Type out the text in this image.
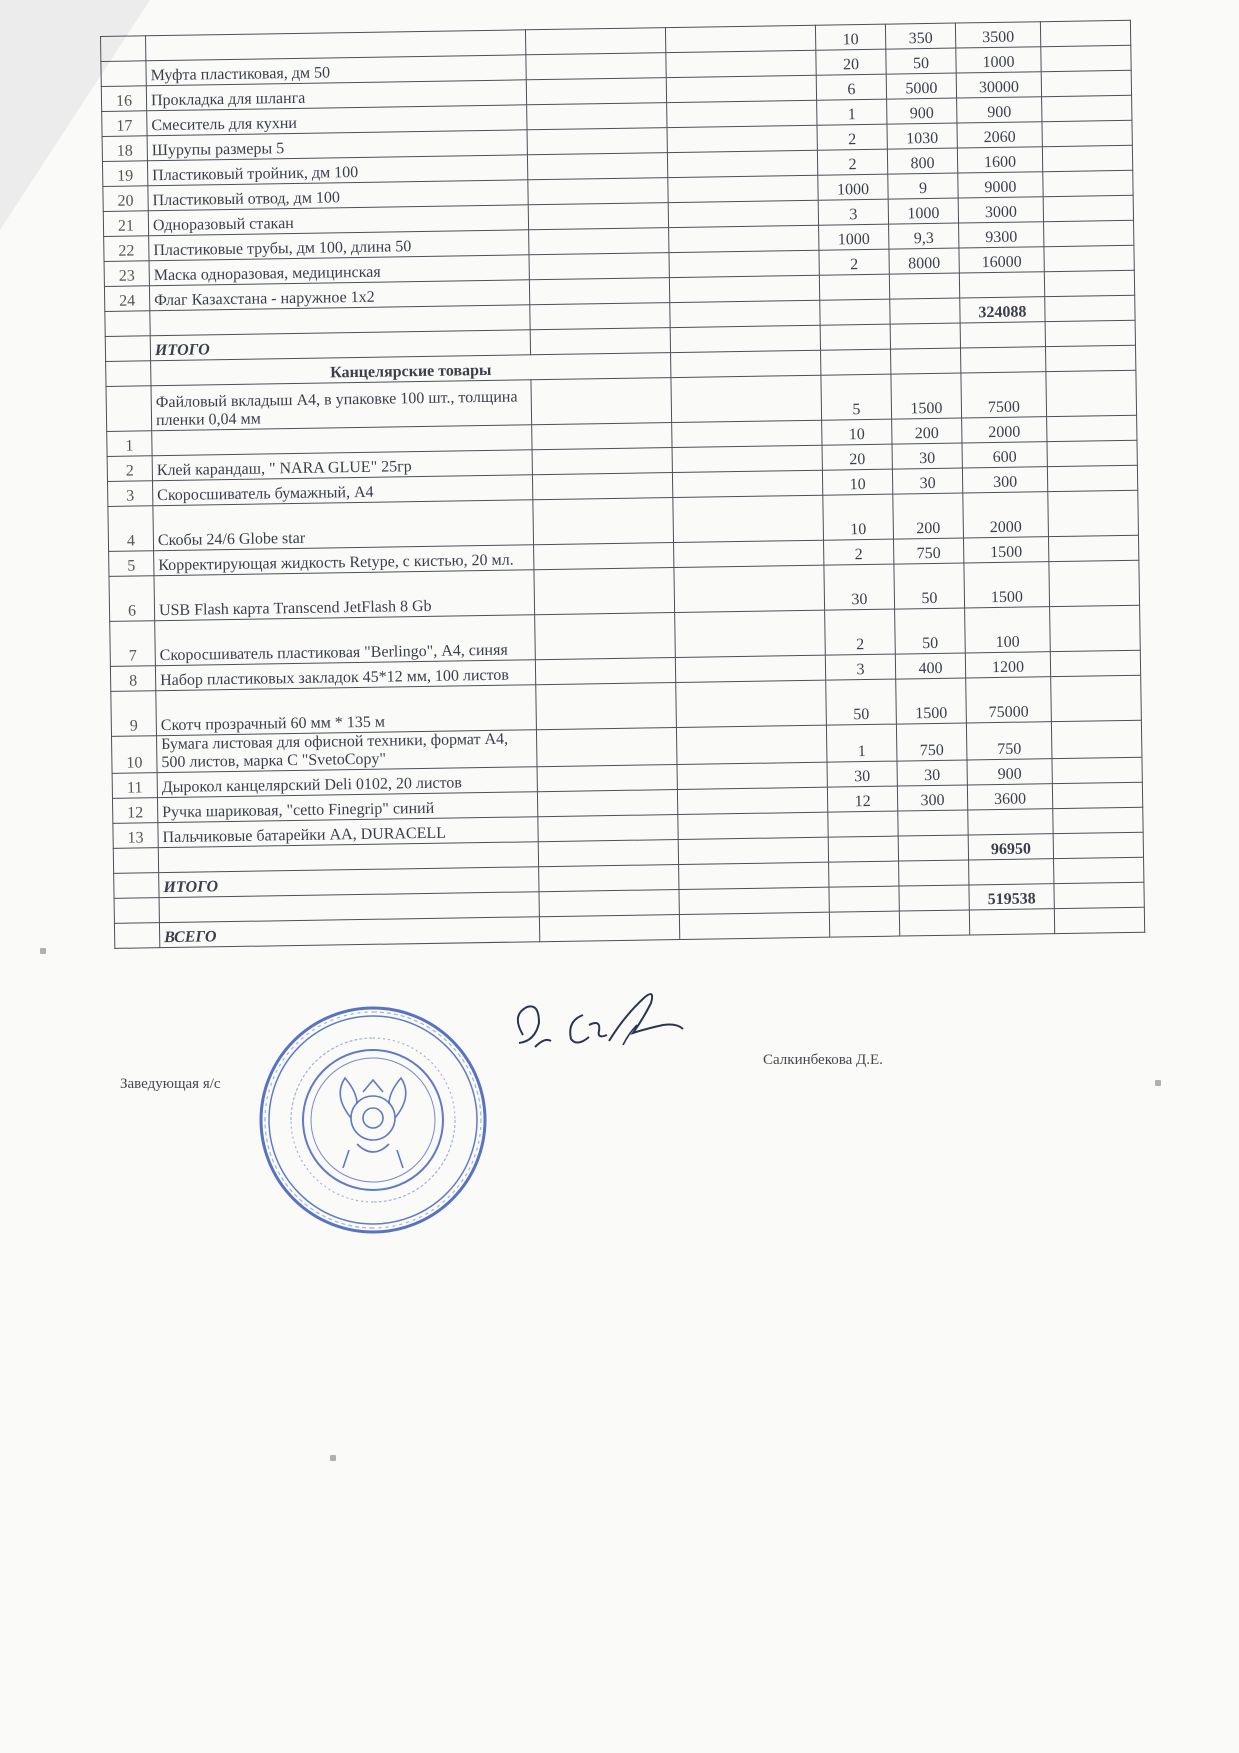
				10	350	3500	
	Муфта пластиковая, дм 50			20	50	1000	
16	Прокладка для шланга			6	5000	30000	
17	Смеситель для кухни			1	900	900	
18	Шурупы размеры 5			2	1030	2060	
19	Пластиковый тройник, дм 100			2	800	1600	
20	Пластиковый отвод, дм 100			1000	9	9000	
21	Одноразовый стакан			3	1000	3000	
22	Пластиковые трубы, дм 100, длина 50			1000	9,3	9300	
23	Маска одноразовая, медицинская			2	8000	16000	
24	Флаг Казахстана - наружное 1х2						
						324088	
	ИТОГО						
	Канцелярские товары						
	Файловый вкладыш А4, в упаковке 100 шт., толщина пленки 0,04 мм			5	1500	7500	
1				10	200	2000	
2	Клей карандаш, " NARA GLUE" 25гр			20	30	600	
3	Скоросшиватель бумажный, А4			10	30	300	
4	Скобы 24/6 Globe star			10	200	2000	
5	Корректирующая жидкость Retype, с кистью, 20 мл.			2	750	1500	
6	USB Flash карта Transcend JetFlash 8 Gb			30	50	1500	
7	Скоросшиватель пластиковая "Berlingo", А4, синяя			2	50	100	
8	Набор пластиковых закладок 45*12 мм, 100 листов			3	400	1200	
9	Скотч прозрачный 60 мм * 135 м			50	1500	75000	
10	Бумага листовая для офисной техники, формат А4, 500 листов, марка С "SvetoCopy"			1	750	750	
11	Дырокол канцелярский Deli 0102, 20 листов			30	30	900	
12	Ручка шариковая, "cetto Finegrip" синий			12	300	3600	
13	Пальчиковые батарейки АА, DURACELL						
						96950	
	ИТОГО						
						519538	
	ВСЕГО						
Заведующая я/с
Салкинбекова Д.Е.
